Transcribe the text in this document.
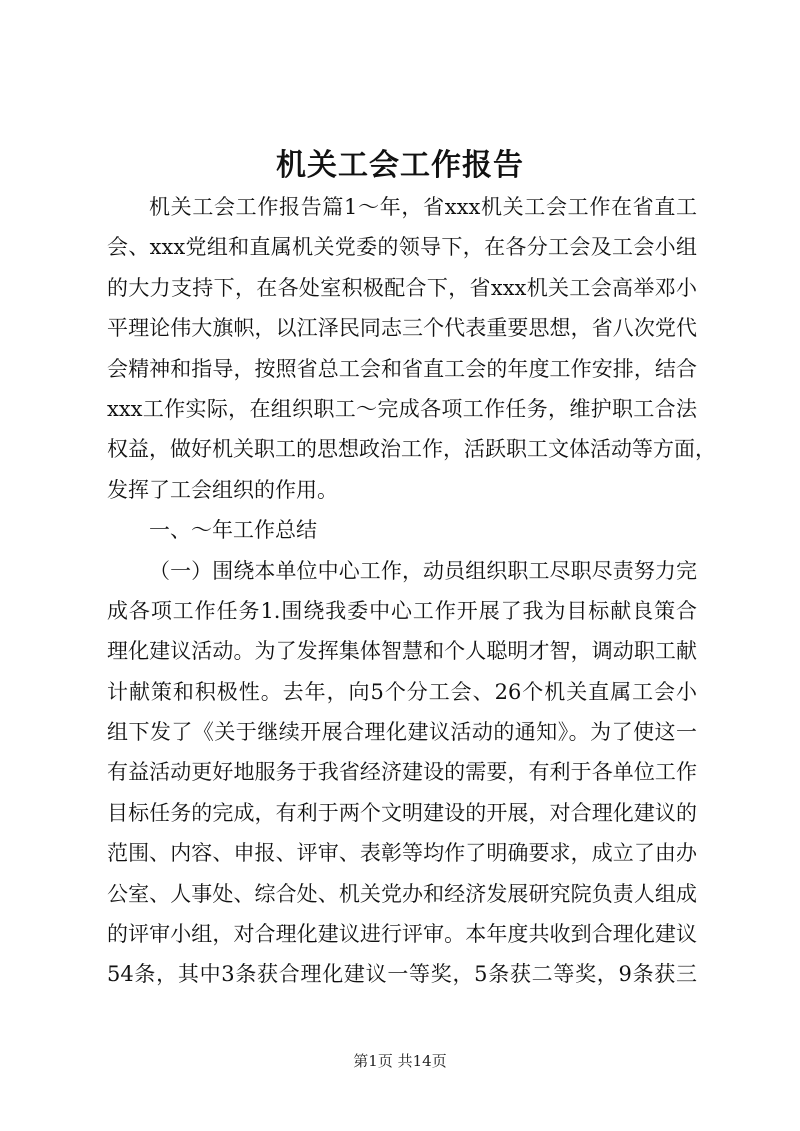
机关工会工作报告
机关工会工作报告篇1～年，省xxx机关工会工作在省直工
会、xxx党组和直属机关党委的领导下，在各分工会及工会小组
的大力支持下，在各处室积极配合下，省xxx机关工会高举邓小
平理论伟大旗帜，以江泽民同志三个代表重要思想，省八次党代
会精神和指导，按照省总工会和省直工会的年度工作安排，结合
xxx工作实际，在组织职工～完成各项工作任务，维护职工合法
权益，做好机关职工的思想政治工作，活跃职工文体活动等方面，
发挥了工会组织的作用。
一、～年工作总结
（一）围绕本单位中心工作，动员组织职工尽职尽责努力完
成各项工作任务1.围绕我委中心工作开展了我为目标献良策合
理化建议活动。为了发挥集体智慧和个人聪明才智，调动职工献
计献策和积极性。去年，向5个分工会、26个机关直属工会小
组下发了《关于继续开展合理化建议活动的通知》。为了使这一
有益活动更好地服务于我省经济建设的需要，有利于各单位工作
目标任务的完成，有利于两个文明建设的开展，对合理化建议的
范围、内容、申报、评审、表彰等均作了明确要求，成立了由办
公室、人事处、综合处、机关党办和经济发展研究院负责人组成
的评审小组，对合理化建议进行评审。本年度共收到合理化建议
54条，其中3条获合理化建议一等奖，5条获二等奖，9条获三
第1页 共14页
